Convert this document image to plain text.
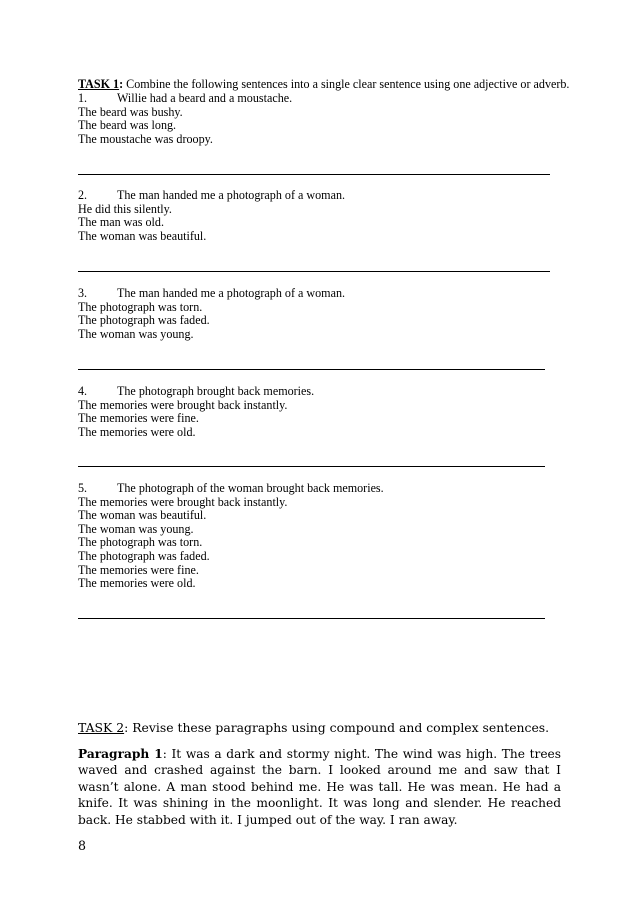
TASK 1: Combine the following sentences into a single clear sentence using one adjective or adverb.
1. Willie had a beard and a moustache.
The beard was bushy.
The beard was long.
The moustache was droopy.
2. The man handed me a photograph of a woman.
He did this silently.
The man was old.
The woman was beautiful.
3. The man handed me a photograph of a woman.
The photograph was torn.
The photograph was faded.
The woman was young.
4. The photograph brought back memories.
The memories were brought back instantly.
The memories were fine.
The memories were old.
5. The photograph of the woman brought back memories.
The memories were brought back instantly.
The woman was beautiful.
The woman was young.
The photograph was torn.
The photograph was faded.
The memories were fine.
The memories were old.
TASK 2: Revise these paragraphs using compound and complex sentences.
Paragraph 1: It was a dark and stormy night. The wind was high. The trees waved and crashed against the barn. I looked around me and saw that I wasn’t alone. A man stood behind me. He was tall. He was mean. He had a knife. It was shining in the moonlight. It was long and slender. He reached back. He stabbed with it. I jumped out of the way. I ran away.
8
